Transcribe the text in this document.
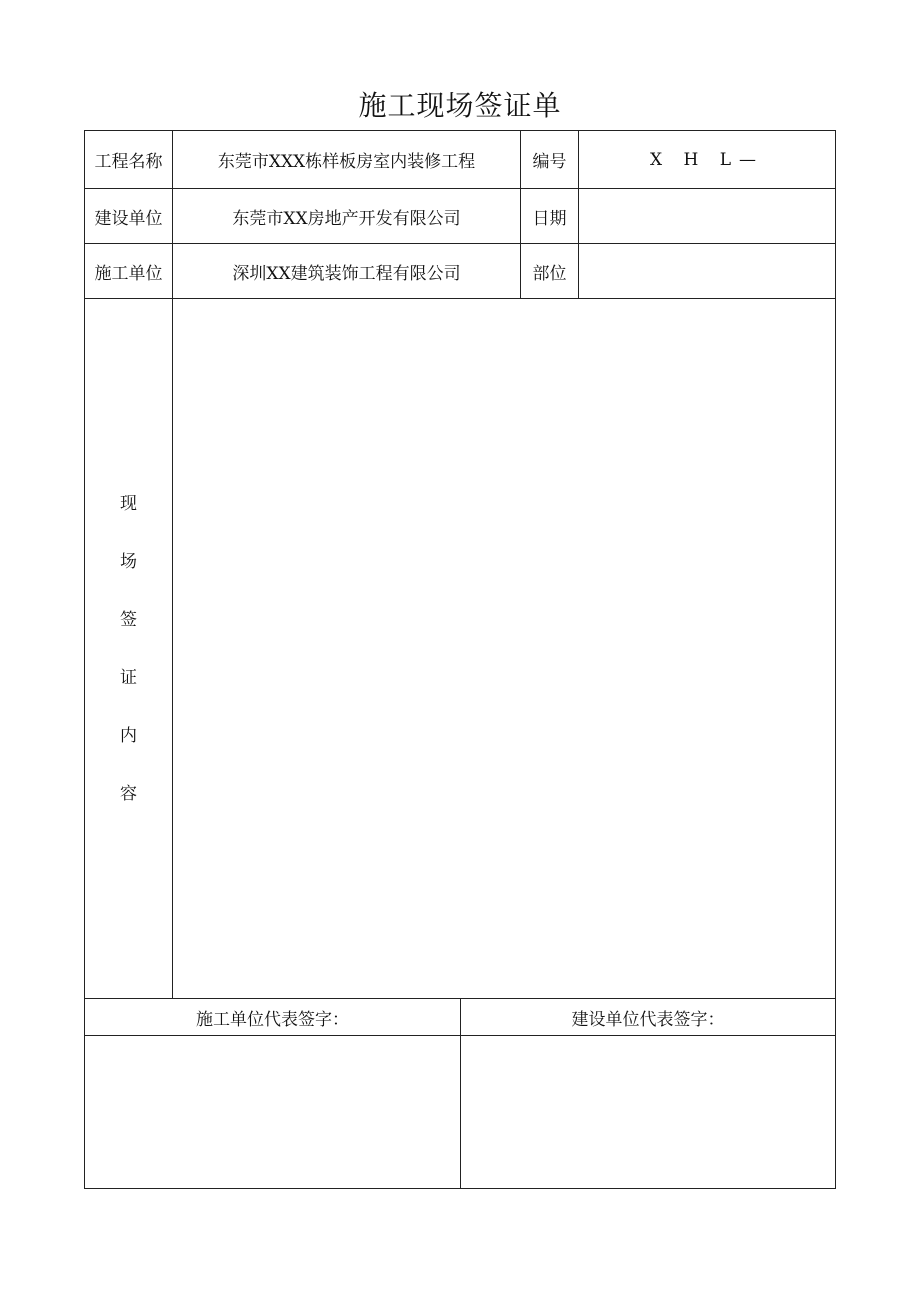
施工现场签证单
工程名称	东莞市XXX栋样板房室内装修工程	编号	X H L—
建设单位	东莞市XX房地产开发有限公司	日期
施工单位	深圳XX建筑装饰工程有限公司	部位
现
场
签
证
内
容
施工单位代表签字：	建设单位代表签字：
